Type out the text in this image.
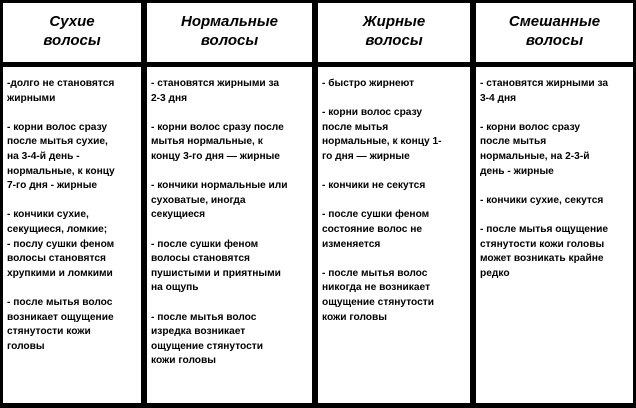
Сухие
волосы
Нормальные
волосы
Жирные
волосы
Смешанные
волосы
-долго не становятся
жирными
- корни волос сразу
после мытья сухие,
на 3-4-й день -
нормальные, к концу
7-го дня - жирные
- кончики сухие,
секущиеся, ломкие;
- послу сушки феном
волосы становятся
хрупкими и ломкими
- после мытья волос
возникает ощущение
стянутости кожи
головы
- становятся жирными за
2-3 дня
- корни волос сразу после
мытья нормальные, к
концу 3-го дня — жирные
- кончики нормальные или
суховатые, иногда
секущиеся
- после сушки феном
волосы становятся
пушистыми и приятными
на ощупь
- после мытья волос
изредка возникает
ощущение стянутости
кожи головы
- быстро жирнеют
- корни волос сразу
после мытья
нормальные, к концу 1-
го дня — жирные
- кончики не секутся
- после сушки феном
состояние волос не
изменяется
- после мытья волос
никогда не возникает
ощущение стянутости
кожи головы
- становятся жирными за
3-4 дня
- корни волос сразу
после мытья
нормальные, на 2-3-й
день - жирные
- кончики сухие, секутся
- после мытья ощущение
стянутости кожи головы
может возникать крайне
редко
